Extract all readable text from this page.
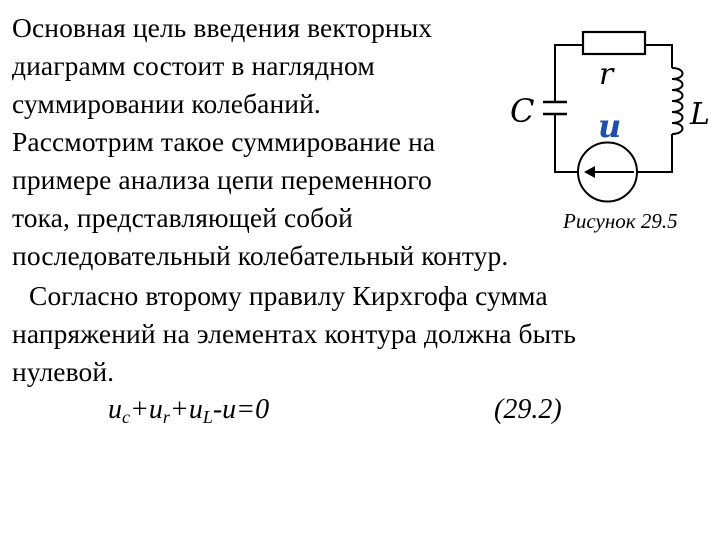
Основная цель введения векторных
диаграмм состоит в наглядном
суммировании колебаний.
Рассмотрим такое суммирование на
примере анализа цепи переменного
тока, представляющей собой
последовательный колебательный контур.
Согласно второму правилу Кирхгофа сумма
напряжений на элементах контура должна быть
нулевой.
$u_c+u_r+u_L-u=0$	(29.2)
r
C	L
u
Рисунок 29.5
